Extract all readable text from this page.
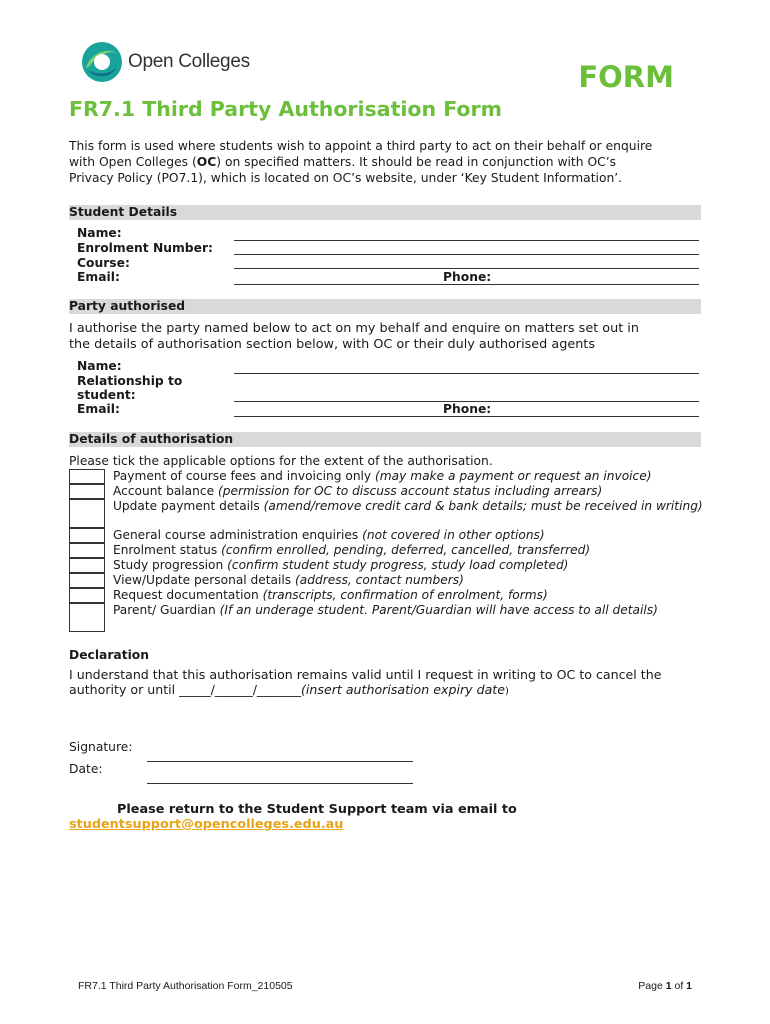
Open Colleges	FORM
FR7.1 Third Party Authorisation Form
This form is used where students wish to appoint a third party to act on their behalf or enquire
with Open Colleges (OC) on specified matters. It should be read in conjunction with OC’s
Privacy Policy (PO7.1), which is located on OC’s website, under ‘Key Student Information’.
Student Details
Name:
Enrolment Number:
Course:
Email:	Phone:
Party authorised
I authorise the party named below to act on my behalf and enquire on matters set out in
the details of authorisation section below, with OC or their duly authorised agents
Name:
Relationship to
student:
Email:	Phone:
Details of authorisation
Please tick the applicable options for the extent of the authorisation.
Payment of course fees and invoicing only (may make a payment or request an invoice)
Account balance (permission for OC to discuss account status including arrears)
Update payment details (amend/remove credit card & bank details; must be received in writing)
General course administration enquiries (not covered in other options)
Enrolment status (confirm enrolled, pending, deferred, cancelled, transferred)
Study progression (confirm student study progress, study load completed)
View/Update personal details (address, contact numbers)
Request documentation (transcripts, confirmation of enrolment, forms)
Parent/ Guardian (If an underage student. Parent/Guardian will have access to all details)
Declaration
I understand that this authorisation remains valid until I request in writing to OC to cancel the
authority or until _____/______/_______(insert authorisation expiry date)
Signature:
Date:
Please return to the Student Support team via email to
studentsupport@opencolleges.edu.au
FR7.1 Third Party Authorisation Form_210505	Page 1 of 1
